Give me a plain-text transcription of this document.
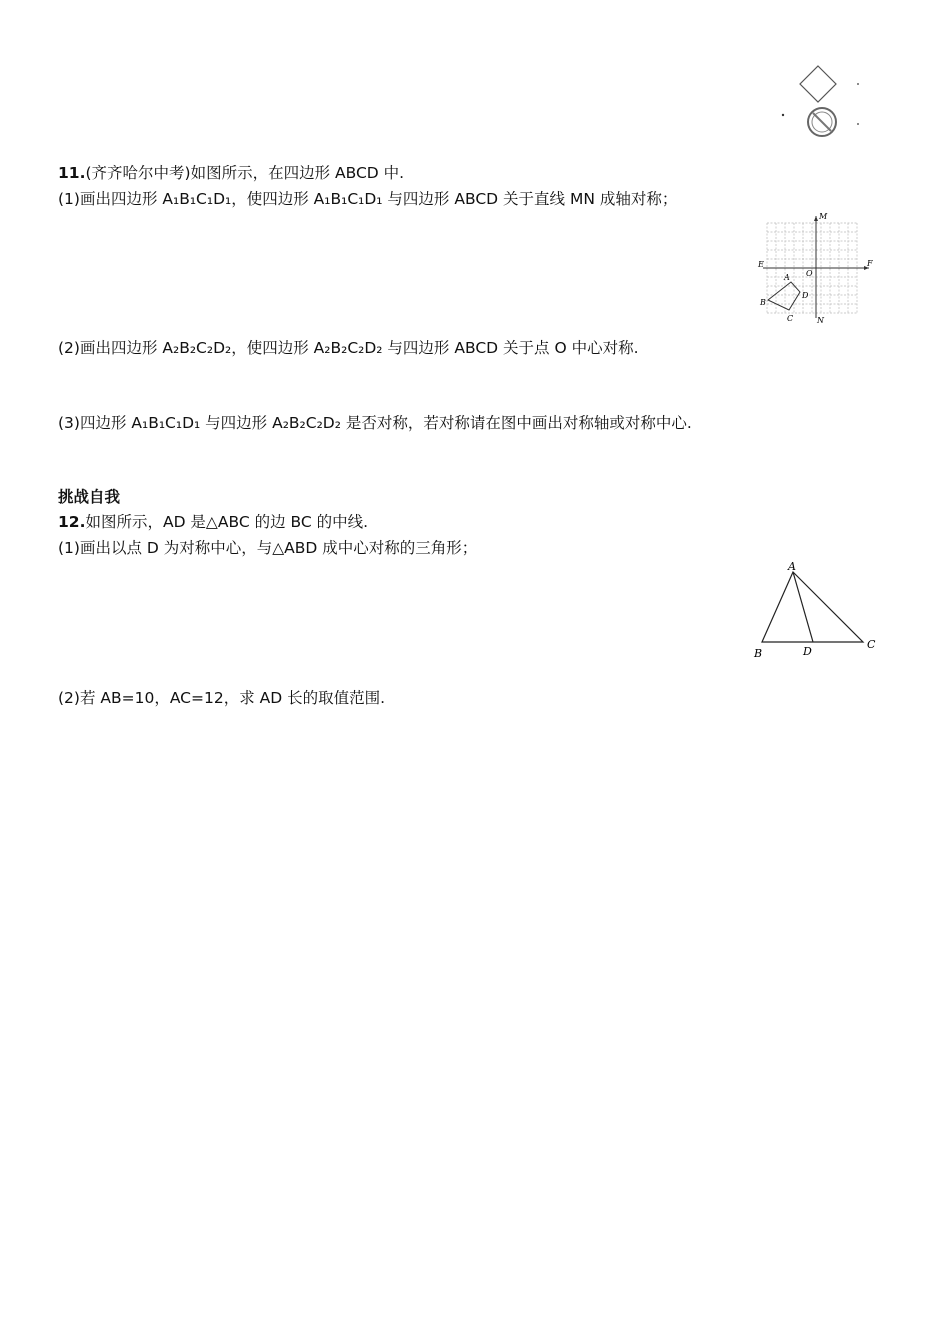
11.(齐齐哈尔中考)如图所示，在四边形 ABCD 中.
(1)画出四边形 A₁B₁C₁D₁，使四边形 A₁B₁C₁D₁ 与四边形 ABCD 关于直线 MN 成轴对称；
M
N
E	F
O
A
B
C
D
(2)画出四边形 A₂B₂C₂D₂，使四边形 A₂B₂C₂D₂ 与四边形 ABCD 关于点 O 中心对称.
(3)四边形 A₁B₁C₁D₁ 与四边形 A₂B₂C₂D₂ 是否对称，若对称请在图中画出对称轴或对称中心.
挑战自我
12.如图所示，AD 是△ABC 的边 BC 的中线.
(1)画出以点 D 为对称中心，与△ABD 成中心对称的三角形；
A
B
C
D
(2)若 AB=10，AC=12，求 AD 长的取值范围.
